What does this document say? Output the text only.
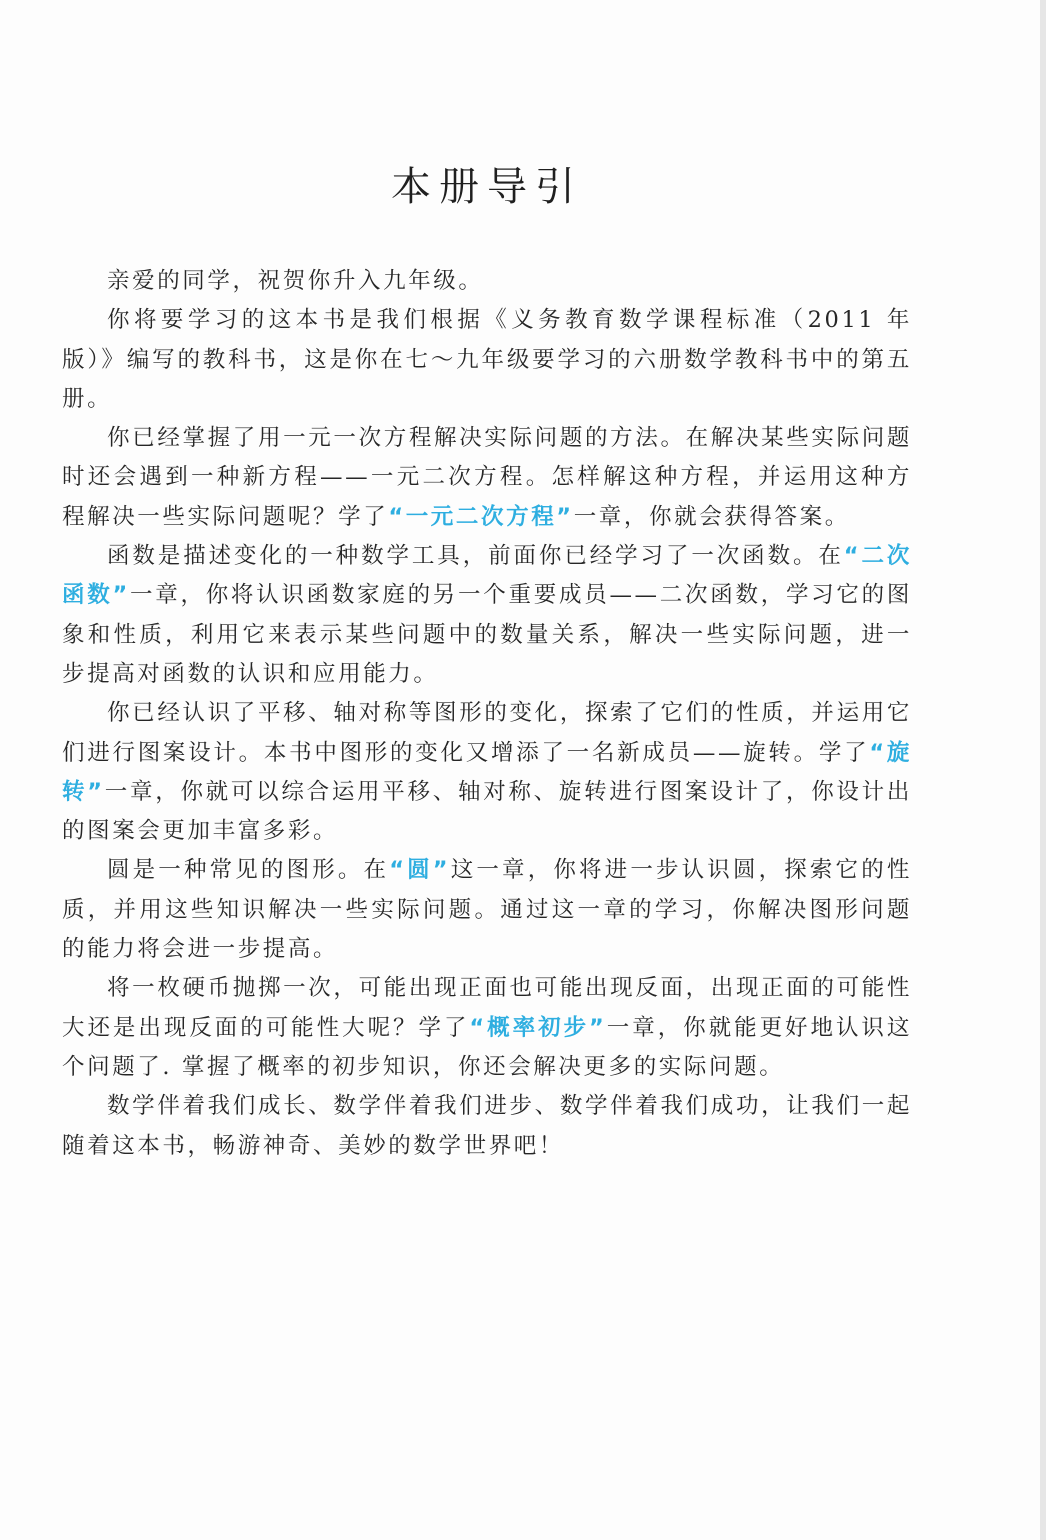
本册导引

亲爱的同学，祝贺你升入九年级。

你将要学习的这本书是我们根据《义务教育数学课程标准（2011 年版）》编写的教科书，这是你在七～九年级要学习的六册数学教科书中的第五册。

你已经掌握了用一元一次方程解决实际问题的方法。在解决某些实际问题时还会遇到一种新方程——一元二次方程。怎样解这种方程，并运用这种方程解决一些实际问题呢？学了“一元二次方程”一章，你就会获得答案。

函数是描述变化的一种数学工具，前面你已经学习了一次函数。在“二次函数”一章，你将认识函数家庭的另一个重要成员——二次函数，学习它的图象和性质，利用它来表示某些问题中的数量关系，解决一些实际问题，进一步提高对函数的认识和应用能力。

你已经认识了平移、轴对称等图形的变化，探索了它们的性质，并运用它们进行图案设计。本书中图形的变化又增添了一名新成员——旋转。学了“旋转”一章，你就可以综合运用平移、轴对称、旋转进行图案设计了，你设计出的图案会更加丰富多彩。

圆是一种常见的图形。在“圆”这一章，你将进一步认识圆，探索它的性质，并用这些知识解决一些实际问题。通过这一章的学习，你解决图形问题的能力将会进一步提高。

将一枚硬币抛掷一次，可能出现正面也可能出现反面，出现正面的可能性大还是出现反面的可能性大呢？学了“概率初步”一章，你就能更好地认识这个问题了. 掌握了概率的初步知识，你还会解决更多的实际问题。

数学伴着我们成长、数学伴着我们进步、数学伴着我们成功，让我们一起随着这本书，畅游神奇、美妙的数学世界吧！
